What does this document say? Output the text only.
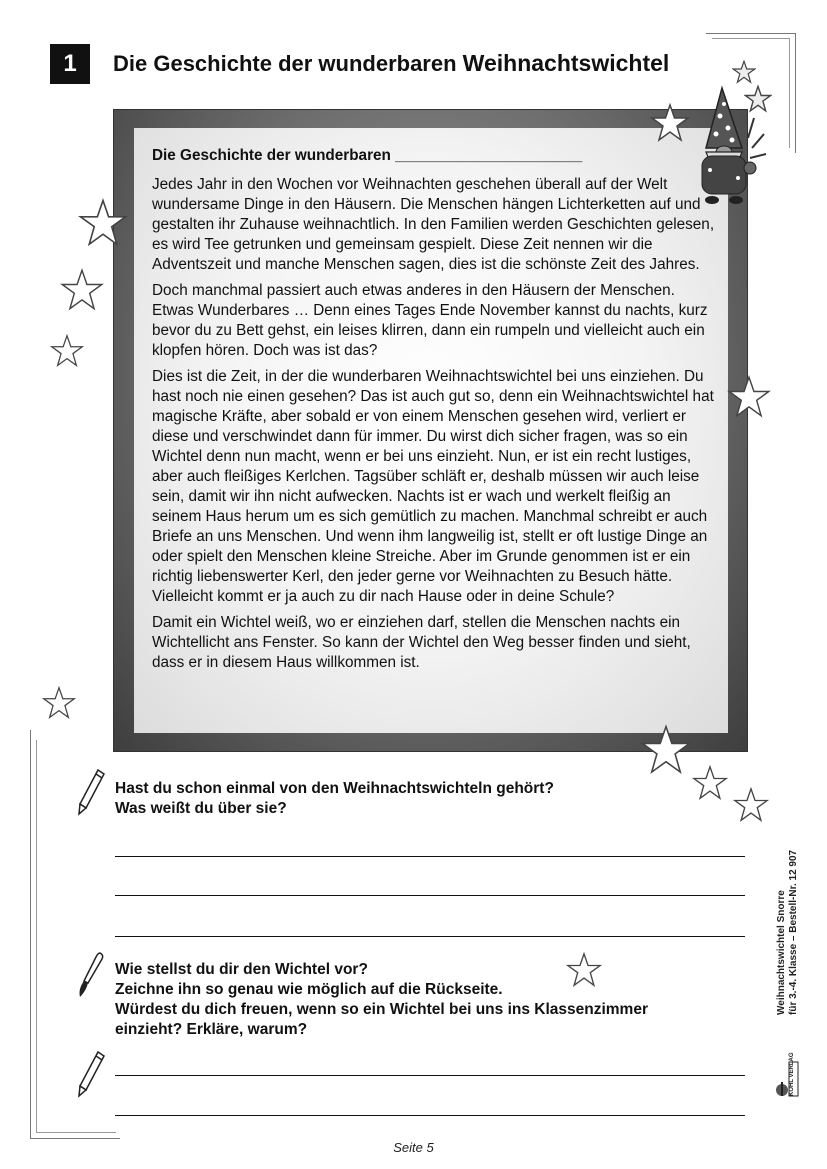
1	Die Geschichte der wunderbaren Weihnachtswichtel
Die Geschichte der wunderbaren ______________________

Jedes Jahr in den Wochen vor Weihnachten geschehen überall auf der Welt wundersame Dinge in den Häusern. Die Menschen hängen Lichterketten auf und gestalten ihr Zuhause weihnachtlich. In den Familien werden Geschichten gelesen, es wird Tee getrunken und gemeinsam gespielt. Diese Zeit nennen wir die Adventszeit und manche Menschen sagen, dies ist die schönste Zeit des Jahres.

Doch manchmal passiert auch etwas anderes in den Häusern der Menschen. Etwas Wunderbares … Denn eines Tages Ende November kannst du nachts, kurz bevor du zu Bett gehst, ein leises klirren, dann ein rumpeln und vielleicht auch ein klopfen hören. Doch was ist das?

Dies ist die Zeit, in der die wunderbaren Weihnachtswichtel bei uns einziehen. Du hast noch nie einen gesehen? Das ist auch gut so, denn ein Weihnachtswichtel hat magische Kräfte, aber sobald er von einem Menschen gesehen wird, verliert er diese und verschwindet dann für immer. Du wirst dich sicher fragen, was so ein Wichtel denn nun macht, wenn er bei uns einzieht. Nun, er ist ein recht lustiges, aber auch fleißiges Kerlchen. Tagsüber schläft er, deshalb müssen wir auch leise sein, damit wir ihn nicht aufwecken. Nachts ist er wach und werkelt fleißig an seinem Haus herum um es sich gemütlich zu machen. Manchmal schreibt er auch Briefe an uns Menschen. Und wenn ihm langweilig ist, stellt er oft lustige Dinge an oder spielt den Menschen kleine Streiche. Aber im Grunde genommen ist er ein richtig liebenswerter Kerl, den jeder gerne vor Weihnachten zu Besuch hätte. Vielleicht kommt er ja auch zu dir nach Hause oder in deine Schule?

Damit ein Wichtel weiß, wo er einziehen darf, stellen die Menschen nachts ein Wichtellicht ans Fenster. So kann der Wichtel den Weg besser finden und sieht, dass er in diesem Haus willkommen ist.

Hast du schon einmal von den Weihnachtswichteln gehört?
Was weißt du über sie?
Wie stellst du dir den Wichtel vor?
Zeichne ihn so genau wie möglich auf die Rückseite.
Würdest du dich freuen, wenn so ein Wichtel bei uns ins Klassenzimmer
einzieht? Erkläre, warum?
Weihnachtswichtel Snorre für 3.-4. Klasse – Bestell-Nr. 12 907
KOHL VERLAG
Seite 5
